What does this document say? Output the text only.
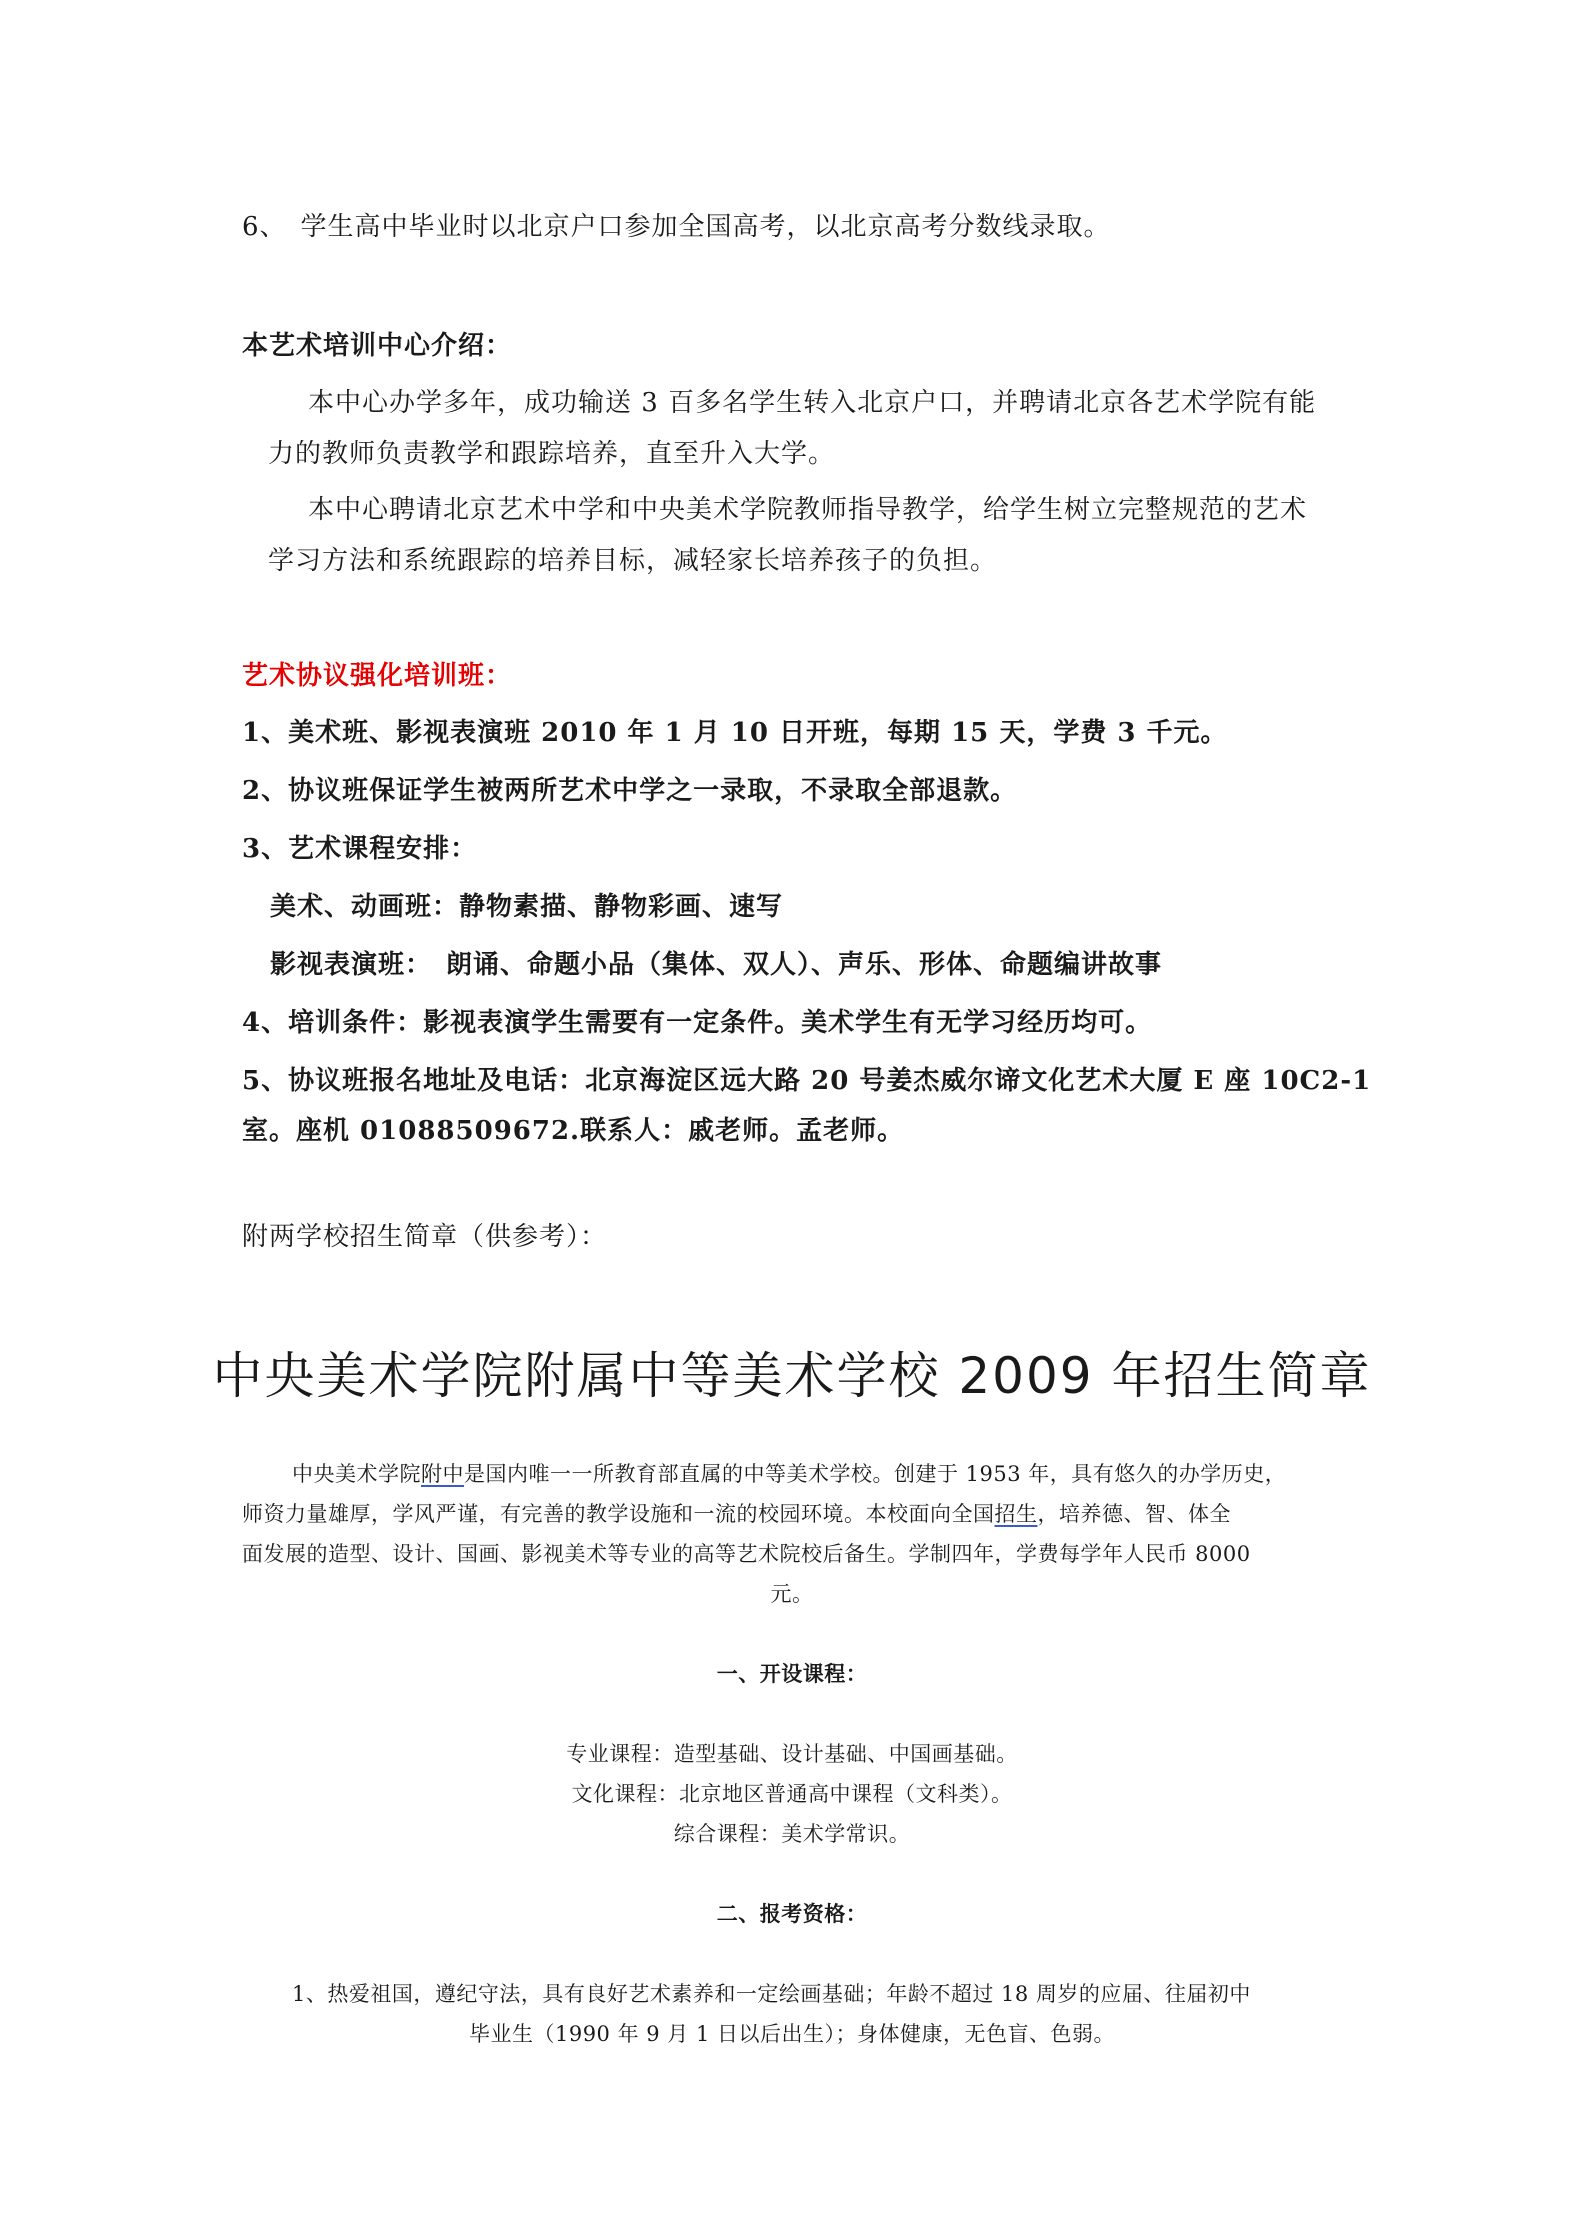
6、　学生高中毕业时以北京户口参加全国高考，以北京高考分数线录取。
本艺术培训中心介绍：
本中心办学多年，成功输送 3 百多名学生转入北京户口，并聘请北京各艺术学院有能
力的教师负责教学和跟踪培养，直至升入大学。
本中心聘请北京艺术中学和中央美术学院教师指导教学，给学生树立完整规范的艺术
学习方法和系统跟踪的培养目标，减轻家长培养孩子的负担。
艺术协议强化培训班：
1、美术班、影视表演班 2010 年 1 月 10 日开班，每期 15 天，学费 3 千元。
2、协议班保证学生被两所艺术中学之一录取，不录取全部退款。
3、艺术课程安排：
美术、动画班：静物素描、静物彩画、速写
影视表演班：　朗诵、命题小品（集体、双人）、声乐、形体、命题编讲故事
4、培训条件：影视表演学生需要有一定条件。美术学生有无学习经历均可。
5、协议班报名地址及电话：北京海淀区远大路 20 号姜杰威尔谛文化艺术大厦 E 座 10C2-1
室。座机 01088509672.联系人：戚老师。孟老师。
附两学校招生简章（供参考）：
中央美术学院附属中等美术学校 2009 年招生简章
中央美术学院附中是国内唯一一所教育部直属的中等美术学校。创建于 1953 年，具有悠久的办学历史，
师资力量雄厚，学风严谨，有完善的教学设施和一流的校园环境。本校面向全国招生，培养德、智、体全
面发展的造型、设计、国画、影视美术等专业的高等艺术院校后备生。学制四年，学费每学年人民币 8000
元。
一、开设课程：
专业课程：造型基础、设计基础、中国画基础。
文化课程：北京地区普通高中课程（文科类）。
综合课程：美术学常识。
二、报考资格：
1、热爱祖国，遵纪守法，具有良好艺术素养和一定绘画基础；年龄不超过 18 周岁的应届、往届初中
毕业生（1990 年 9 月 1 日以后出生）；身体健康，无色盲、色弱。
